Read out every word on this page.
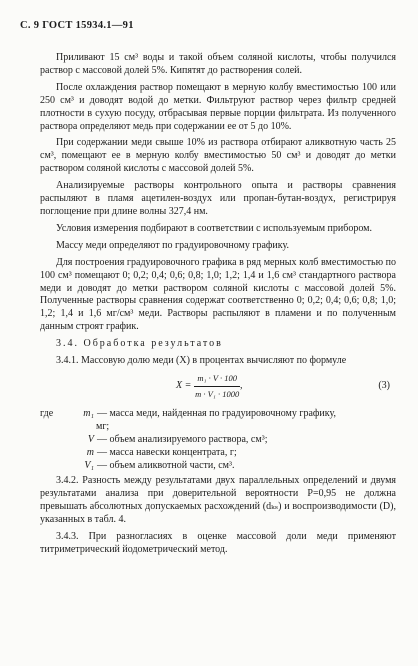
С. 9 ГОСТ 15934.1—91

Приливают 15 см³ воды и такой объем соляной кислоты, чтобы получился раствор с массовой долей 5%. Кипятят до растворения солей.

После охлаждения раствор помещают в мерную колбу вместимостью 100 или 250 см³ и доводят водой до метки. Фильтруют раствор через фильтр средней плотности в сухую посуду, отбрасывая первые порции фильтрата. Из полученного раствора определяют медь при содержании ее от 5 до 10%.

При содержании меди свыше 10% из раствора отбирают аликвотную часть 25 см³, помещают ее в мерную колбу вместимостью 50 см³ и доводят до метки раствором соляной кислоты с массовой долей 5%.

Анализируемые растворы контрольного опыта и растворы сравнения распыляют в пламя ацетилен-воздух или пропан-бутан-воздух, регистрируя поглощение при длине волны 327,4 нм.

Условия измерения подбирают в соответствии с используемым прибором.

Массу меди определяют по градуировочному графику.

Для построения градуировочного графика в ряд мерных колб вместимостью по 100 см³ помещают 0; 0,2; 0,4; 0,6; 0,8; 1,0; 1,2; 1,4 и 1,6 см³ стандартного раствора меди и доводят до метки раствором соляной кислоты с массовой долей 5%. Полученные растворы сравнения содержат соответственно 0; 0,2; 0,4; 0,6; 0,8; 1,0; 1,2; 1,4 и 1,6 мг/см³ меди. Растворы распыляют в пламени и по полученным данным строят график.

3.4. Обработка результатов

3.4.1. Массовую долю меди (X) в процентах вычисляют по формуле

$X = \frac{\text{m₁ · V · 100}}{\text{m · V₁ · 1000}}$ ,	(3)
где	m₁ — масса меди, найденная по градуировочному графику,
мг;
V — объем анализируемого раствора, см³;
m — масса навески концентрата, г;
V₁ — объем аликвотной части, см³.

3.4.2. Разность между результатами двух параллельных определений и двумя результатами анализа при доверительной вероятности P=0,95 не должна превышать абсолютных допускаемых расхождений (dₖₛ) и воспроизводимости (D), указанных в табл. 4.

3.4.3. При разногласиях в оценке массовой доли меди применяют титриметрический йодометрический метод.
